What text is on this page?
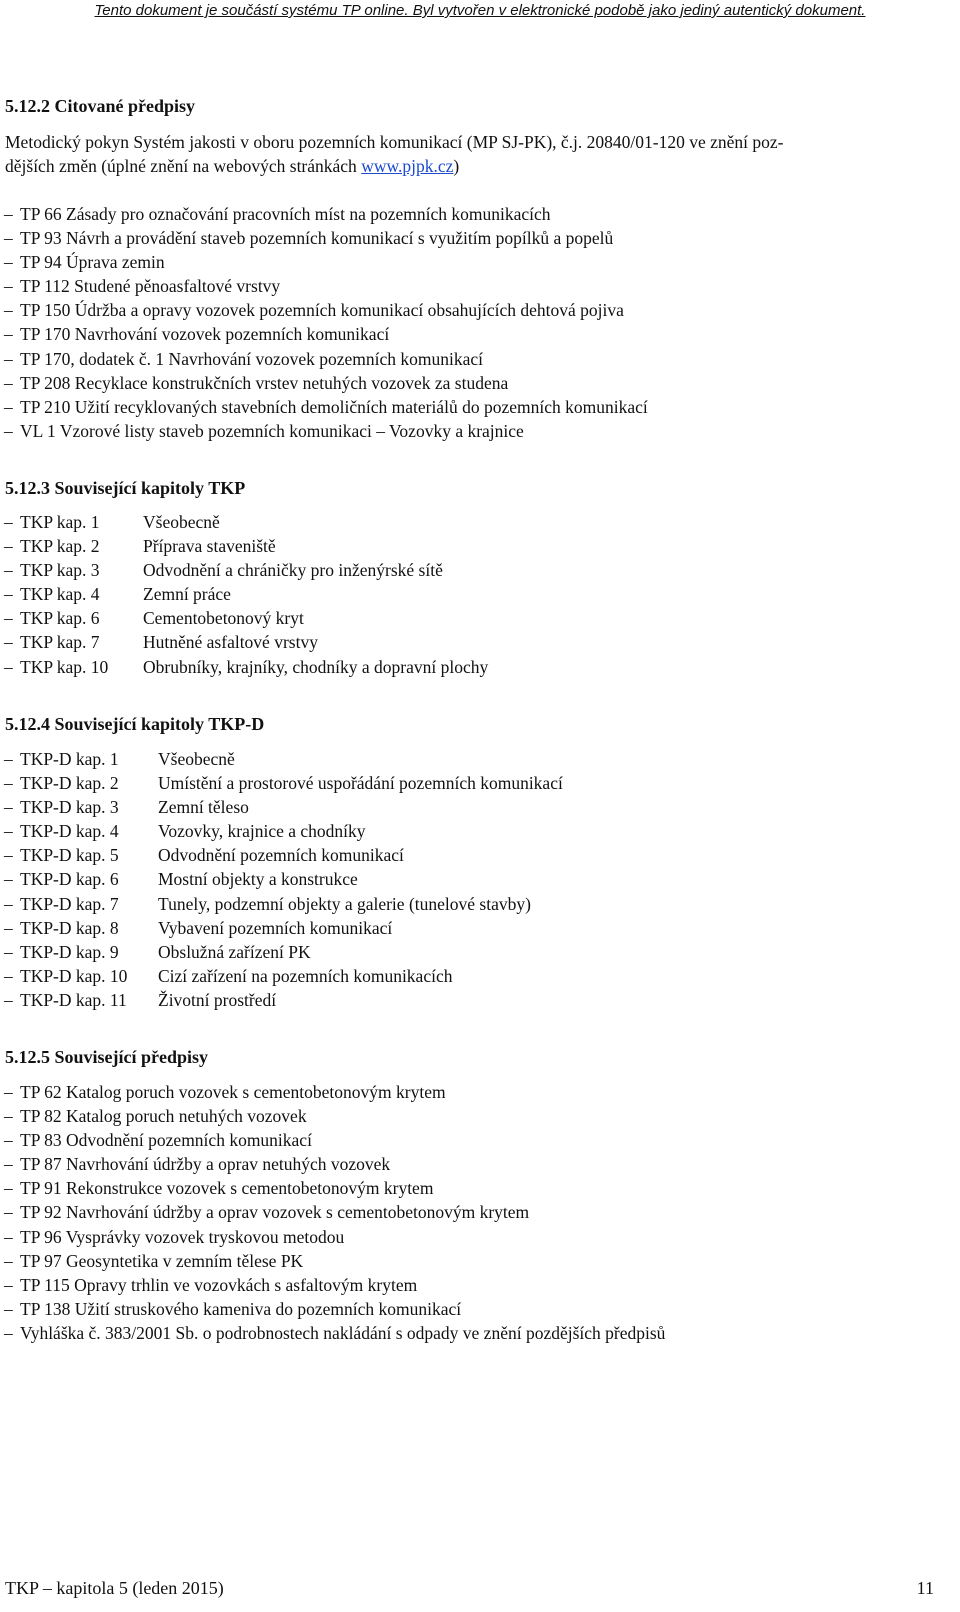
Tento dokument je součástí systému TP online. Byl vytvořen v elektronické podobě jako jediný autentický dokument.
5.12.2 Citované předpisy
Metodický pokyn Systém jakosti v oboru pozemních komunikací (MP SJ-PK), č.j. 20840/01-120 ve znění poz-
dějších změn (úplné znění na webových stránkách www.pjpk.cz)
– TP 66 Zásady pro označování pracovních míst na pozemních komunikacích
– TP 93 Návrh a provádění staveb pozemních komunikací s využitím popílků a popelů
– TP 94 Úprava zemin
– TP 112 Studené pěnoasfaltové vrstvy
– TP 150 Údržba a opravy vozovek pozemních komunikací obsahujících dehtová pojiva
– TP 170 Navrhování vozovek pozemních komunikací
– TP 170, dodatek č. 1 Navrhování vozovek pozemních komunikací
– TP 208 Recyklace konstrukčních vrstev netuhých vozovek za studena
– TP 210 Užití recyklovaných stavebních demoličních materiálů do pozemních komunikací
– VL 1 Vzorové listy staveb pozemních komunikaci – Vozovky a krajnice
5.12.3 Související kapitoly TKP
– TKP kap. 1 Všeobecně
– TKP kap. 2 Příprava staveniště
– TKP kap. 3 Odvodnění a chráničky pro inženýrské sítě
– TKP kap. 4 Zemní práce
– TKP kap. 6 Cementobetonový kryt
– TKP kap. 7 Hutněné asfaltové vrstvy
– TKP kap. 10 Obrubníky, krajníky, chodníky a dopravní plochy
5.12.4 Související kapitoly TKP-D
– TKP-D kap. 1 Všeobecně
– TKP-D kap. 2 Umístění a prostorové uspořádání pozemních komunikací
– TKP-D kap. 3 Zemní těleso
– TKP-D kap. 4 Vozovky, krajnice a chodníky
– TKP-D kap. 5 Odvodnění pozemních komunikací
– TKP-D kap. 6 Mostní objekty a konstrukce
– TKP-D kap. 7 Tunely, podzemní objekty a galerie (tunelové stavby)
– TKP-D kap. 8 Vybavení pozemních komunikací
– TKP-D kap. 9 Obslužná zařízení PK
– TKP-D kap. 10 Cizí zařízení na pozemních komunikacích
– TKP-D kap. 11 Životní prostředí
5.12.5 Související předpisy
– TP 62 Katalog poruch vozovek s cementobetonovým krytem
– TP 82 Katalog poruch netuhých vozovek
– TP 83 Odvodnění pozemních komunikací
– TP 87 Navrhování údržby a oprav netuhých vozovek
– TP 91 Rekonstrukce vozovek s cementobetonovým krytem
– TP 92 Navrhování údržby a oprav vozovek s cementobetonovým krytem
– TP 96 Vysprávky vozovek tryskovou metodou
– TP 97 Geosyntetika v zemním tělese PK
– TP 115 Opravy trhlin ve vozovkách s asfaltovým krytem
– TP 138 Užití struskového kameniva do pozemních komunikací
– Vyhláška č. 383/2001 Sb. o podrobnostech nakládání s odpady ve znění pozdějších předpisů
TKP – kapitola 5 (leden 2015)	11
